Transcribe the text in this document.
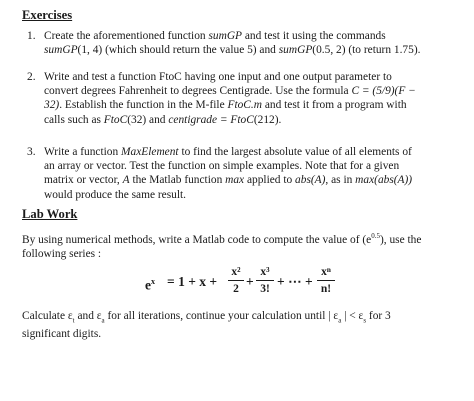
Exercises
1. Create the aforementioned function sumGP and test it using the commands
sumGP(1, 4) (which should return the value 5) and sumGP(0.5, 2) (to return 1.75).
2. Write and test a function FtoC having one input and one output parameter to
convert degrees Fahrenheit to degrees Centigrade. Use the formula C = (5/9)(F −
32). Establish the function in the M-file FtoC.m and test it from a program with
calls such as FtoC(32) and centigrade = FtoC(212).
3. Write a function MaxElement to find the largest absolute value of all elements of
an array or vector. Test the function on simple examples. Note that for a given
matrix or vector, A the Matlab function max applied to abs(A), as in max(abs(A))
would produce the same result.
Lab Work
By using numerical methods, write a Matlab code to compute the value of $(e^{0.5})$, use the
following series :
$e^x = 1 + x$ +
x²
2
+
x³
3!
+ ⋯ +
xⁿ
n!
Calculate $\varepsilon_t$ and $\varepsilon_a$ for all iterations, continue your calculation until | $\varepsilon_a$ | < $\varepsilon_s$ for 3
significant digits.
